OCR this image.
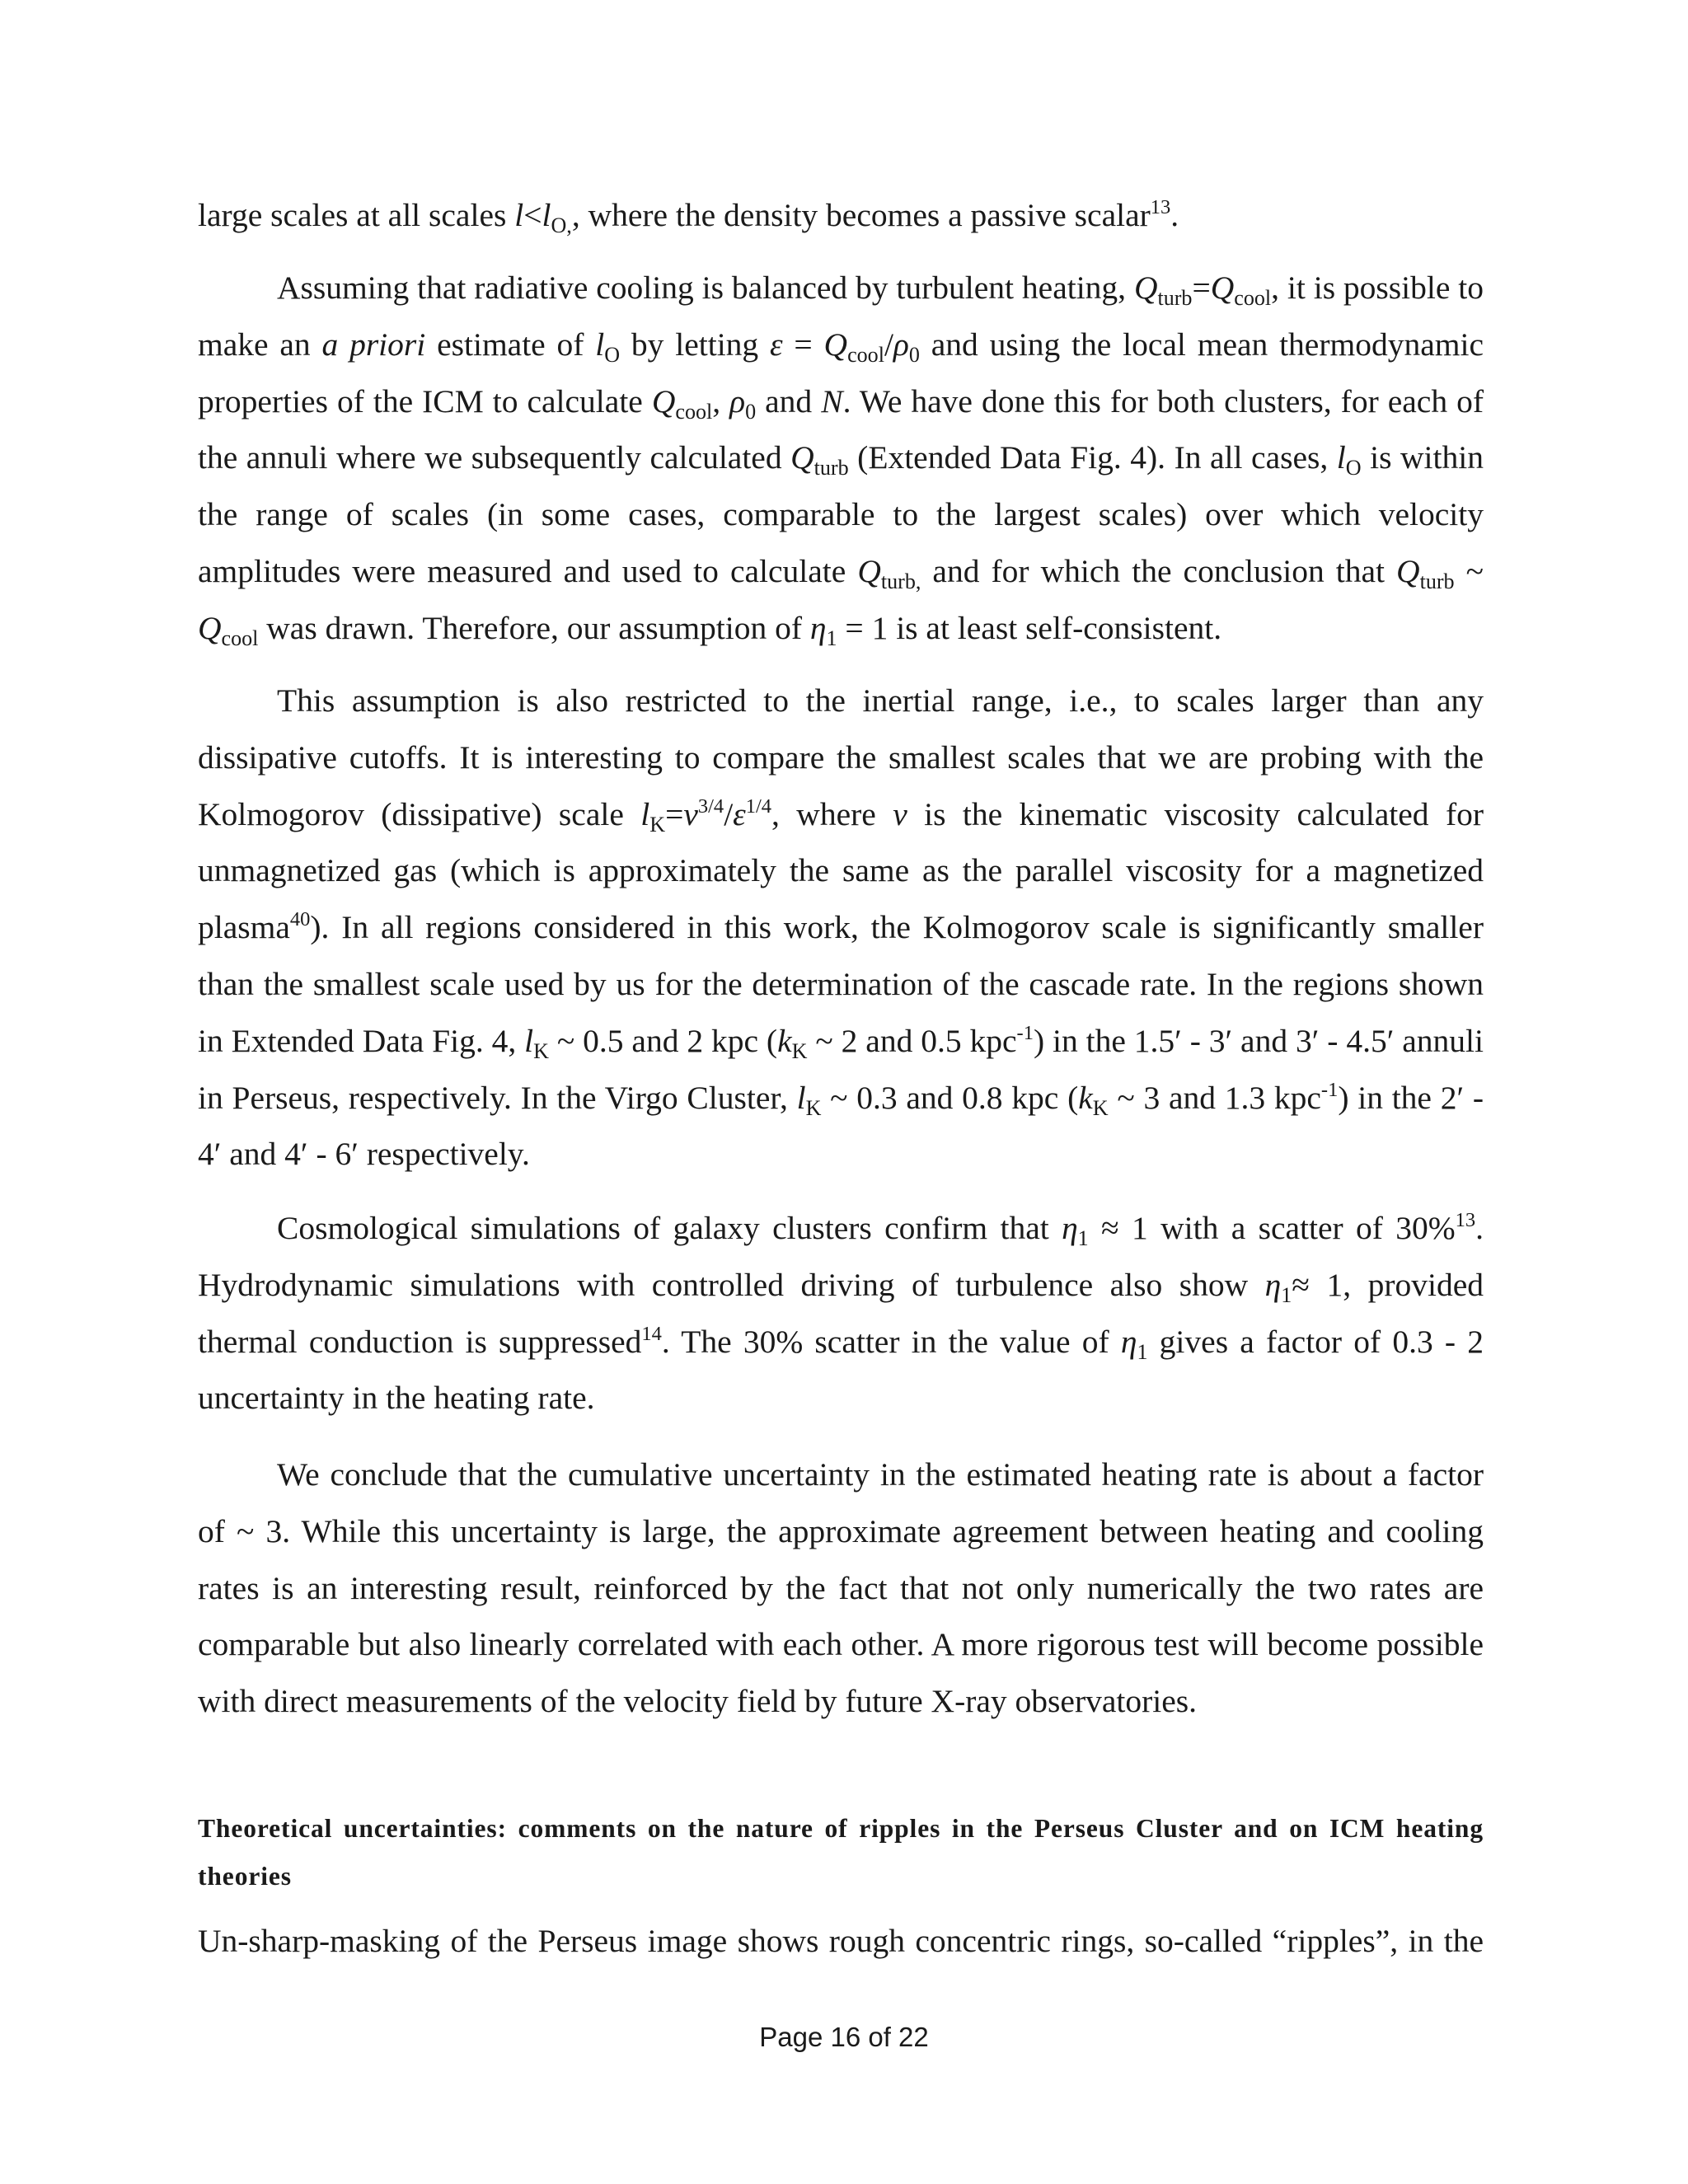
large scales at all scales $l<l_{O,}$, where the density becomes a passive scalar$^{13}$.

Assuming that radiative cooling is balanced by turbulent heating, $Q_{turb}=Q_{cool}$, it is possible to make an a priori estimate of $l_O$ by letting $\varepsilon = Q_{cool}/\rho_0$ and using the local mean thermodynamic properties of the ICM to calculate $Q_{cool}$, $\rho_0$ and N. We have done this for both clusters, for each of the annuli where we subsequently calculated $Q_{turb}$ (Extended Data Fig. 4). In all cases, $l_O$ is within the range of scales (in some cases, comparable to the largest scales) over which velocity amplitudes were measured and used to calculate $Q_{turb,}$ and for which the conclusion that $Q_{turb}$ ~ $Q_{cool}$ was drawn. Therefore, our assumption of $\eta_1 = 1$ is at least self-consistent.

This assumption is also restricted to the inertial range, i.e., to scales larger than any dissipative cutoffs. It is interesting to compare the smallest scales that we are probing with the Kolmogorov (dissipative) scale $l_K=v^{3/4}/\varepsilon^{1/4}$, where v is the kinematic viscosity calculated for unmagnetized gas (which is approximately the same as the parallel viscosity for a magnetized plasma$^{40}$). In all regions considered in this work, the Kolmogorov scale is significantly smaller than the smallest scale used by us for the determination of the cascade rate. In the regions shown in Extended Data Fig. 4, $l_K$ ~ 0.5 and 2 kpc ($k_K$ ~ 2 and 0.5 kpc$^{-1}$) in the 1.5′ - 3′ and 3′ - 4.5′ annuli in Perseus, respectively. In the Virgo Cluster, $l_K$ ~ 0.3 and 0.8 kpc ($k_K$ ~ 3 and 1.3 kpc$^{-1}$) in the 2′ - 4′ and 4′ - 6′ respectively.

Cosmological simulations of galaxy clusters confirm that $\eta_1 \approx 1$ with a scatter of 30%$^{13}$. Hydrodynamic simulations with controlled driving of turbulence also show $\eta_1\approx 1$, provided thermal conduction is suppressed$^{14}$. The 30% scatter in the value of $\eta_1$ gives a factor of 0.3 - 2 uncertainty in the heating rate.

We conclude that the cumulative uncertainty in the estimated heating rate is about a factor of ~ 3. While this uncertainty is large, the approximate agreement between heating and cooling rates is an interesting result, reinforced by the fact that not only numerically the two rates are comparable but also linearly correlated with each other. A more rigorous test will become possible with direct measurements of the velocity field by future X-ray observatories.

Theoretical uncertainties: comments on the nature of ripples in the Perseus Cluster and on ICM heating theories

Un-sharp-masking of the Perseus image shows rough concentric rings, so-called “ripples”, in the

Page 16 of 22
